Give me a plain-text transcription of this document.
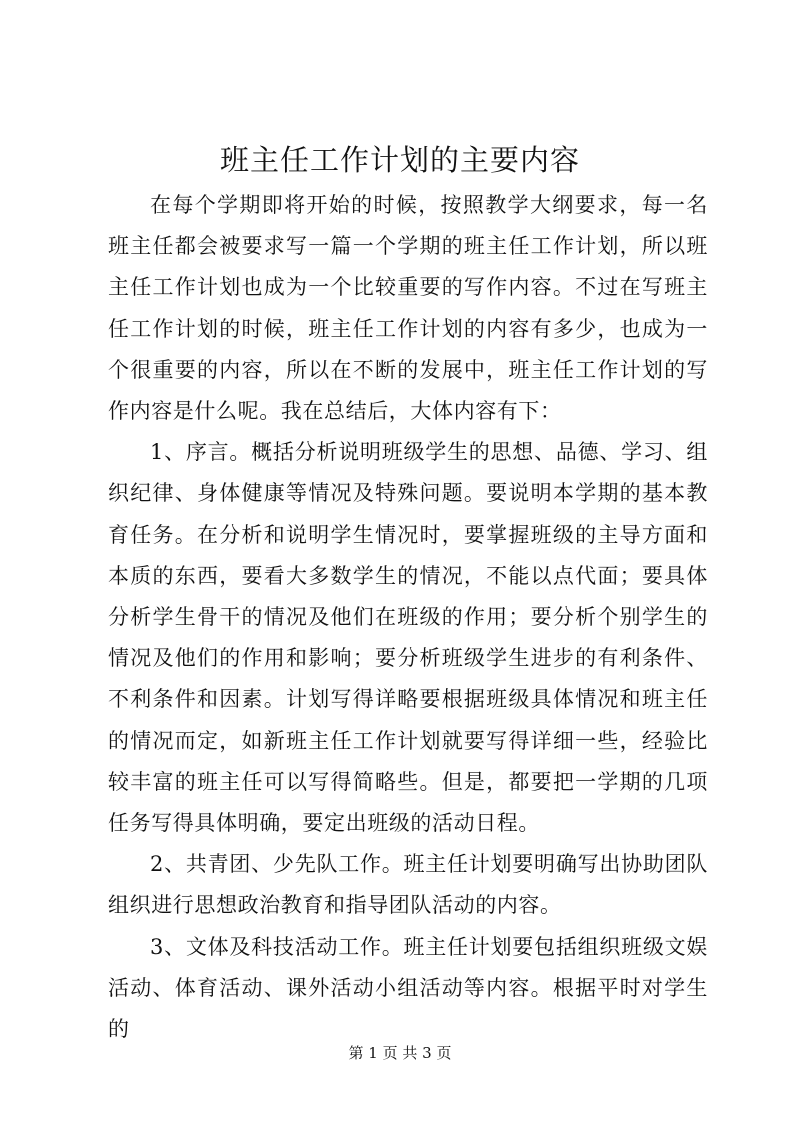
班主任工作计划的主要内容

在每个学期即将开始的时候，按照教学大纲要求，每一名班主任都会被要求写一篇一个学期的班主任工作计划，所以班主任工作计划也成为一个比较重要的写作内容。不过在写班主任工作计划的时候，班主任工作计划的内容有多少，也成为一个很重要的内容，所以在不断的发展中，班主任工作计划的写作内容是什么呢。我在总结后，大体内容有下：

1、序言。概括分析说明班级学生的思想、品德、学习、组织纪律、身体健康等情况及特殊问题。要说明本学期的基本教育任务。在分析和说明学生情况时，要掌握班级的主导方面和本质的东西，要看大多数学生的情况，不能以点代面；要具体分析学生骨干的情况及他们在班级的作用；要分析个别学生的情况及他们的作用和影响；要分析班级学生进步的有利条件、不利条件和因素。计划写得详略要根据班级具体情况和班主任的情况而定，如新班主任工作计划就要写得详细一些，经验比较丰富的班主任可以写得简略些。但是，都要把一学期的几项任务写得具体明确，要定出班级的活动日程。

2、共青团、少先队工作。班主任计划要明确写出协助团队组织进行思想政治教育和指导团队活动的内容。

3、文体及科技活动工作。班主任计划要包括组织班级文娱活动、体育活动、课外活动小组活动等内容。根据平时对学生的

第 1 页 共 3 页
